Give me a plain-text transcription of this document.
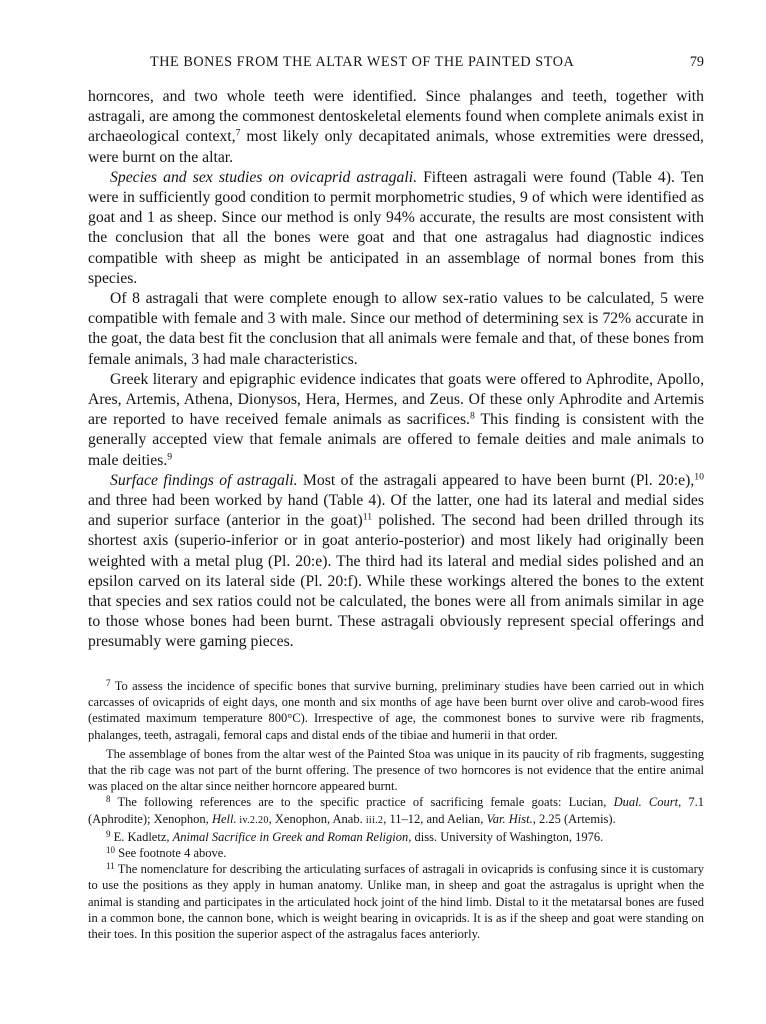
THE BONES FROM THE ALTAR WEST OF THE PAINTED STOA	79

horncores, and two whole teeth were identified. Since phalanges and teeth, together with astragali, are among the commonest dentoskeletal elements found when complete animals exist in archaeological context,$^7$ most likely only decapitated animals, whose extremities were dressed, were burnt on the altar.

Species and sex studies on ovicaprid astragali. Fifteen astragali were found (Table 4). Ten were in sufficiently good condition to permit morphometric studies, 9 of which were identified as goat and 1 as sheep. Since our method is only 94% accurate, the results are most consistent with the conclusion that all the bones were goat and that one astragalus had diagnostic indices compatible with sheep as might be anticipated in an assemblage of normal bones from this species.

Of 8 astragali that were complete enough to allow sex-ratio values to be calculated, 5 were compatible with female and 3 with male. Since our method of determining sex is 72% accurate in the goat, the data best fit the conclusion that all animals were female and that, of these bones from female animals, 3 had male characteristics.

Greek literary and epigraphic evidence indicates that goats were offered to Aphrodite, Apollo, Ares, Artemis, Athena, Dionysos, Hera, Hermes, and Zeus. Of these only Aphrodite and Artemis are reported to have received female animals as sacrifices.$^8$ This finding is consistent with the generally accepted view that female animals are offered to female deities and male animals to male deities.$^9$

Surface findings of astragali. Most of the astragali appeared to have been burnt (Pl. 20:e),$^{10}$ and three had been worked by hand (Table 4). Of the latter, one had its lateral and medial sides and superior surface (anterior in the goat)$^{11}$ polished. The second had been drilled through its shortest axis (superio-inferior or in goat anterio-posterior) and most likely had originally been weighted with a metal plug (Pl. 20:e). The third had its lateral and medial sides polished and an epsilon carved on its lateral side (Pl. 20:f). While these workings altered the bones to the extent that species and sex ratios could not be calculated, the bones were all from animals similar in age to those whose bones had been burnt. These astragali obviously represent special offerings and presumably were gaming pieces.

$^7$ To assess the incidence of specific bones that survive burning, preliminary studies have been carried out in which carcasses of ovicaprids of eight days, one month and six months of age have been burnt over olive and carob-wood fires (estimated maximum temperature 800°C). Irrespective of age, the commonest bones to survive were rib fragments, phalanges, teeth, astragali, femoral caps and distal ends of the tibiae and humerii in that order.

The assemblage of bones from the altar west of the Painted Stoa was unique in its paucity of rib fragments, suggesting that the rib cage was not part of the burnt offering. The presence of two horncores is not evidence that the entire animal was placed on the altar since neither horncore appeared burnt.

$^8$ The following references are to the specific practice of sacrificing female goats: Lucian, Dual. Court, 7.1 (Aphrodite); Xenophon, Hell. iv.2.20, Xenophon, Anab. iii.2, 11–12, and Aelian, Var. Hist., 2.25 (Artemis).

$^9$ E. Kadletz, Animal Sacrifice in Greek and Roman Religion, diss. University of Washington, 1976.

$^{10}$ See footnote 4 above.

$^{11}$ The nomenclature for describing the articulating surfaces of astragali in ovicaprids is confusing since it is customary to use the positions as they apply in human anatomy. Unlike man, in sheep and goat the astragalus is upright when the animal is standing and participates in the articulated hock joint of the hind limb. Distal to it the metatarsal bones are fused in a common bone, the cannon bone, which is weight bearing in ovicaprids. It is as if the sheep and goat were standing on their toes. In this position the superior aspect of the astragalus faces anteriorly.
